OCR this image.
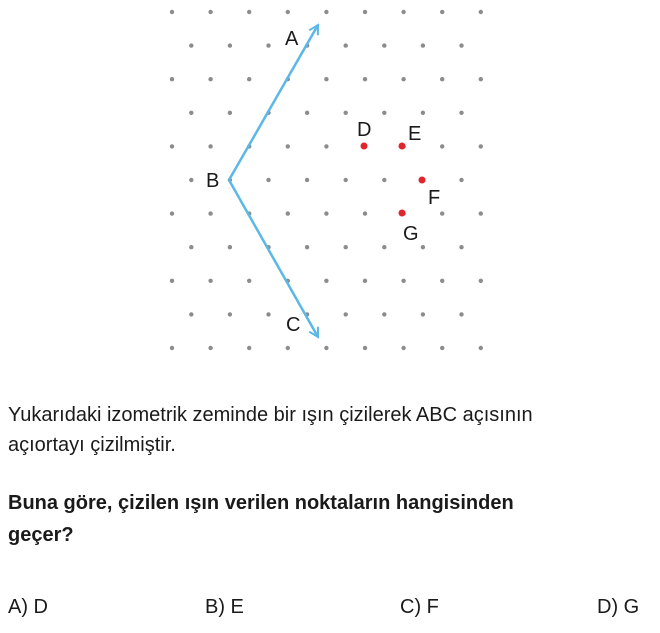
A
B
C
D E
F
G

Yukarıdaki izometrik zeminde bir ışın çizilerek ABC açısının
açıortayı çizilmiştir.

Buna göre, çizilen ışın verilen noktaların hangisinden
geçer?

A) D	B) E	C) F	D) G
